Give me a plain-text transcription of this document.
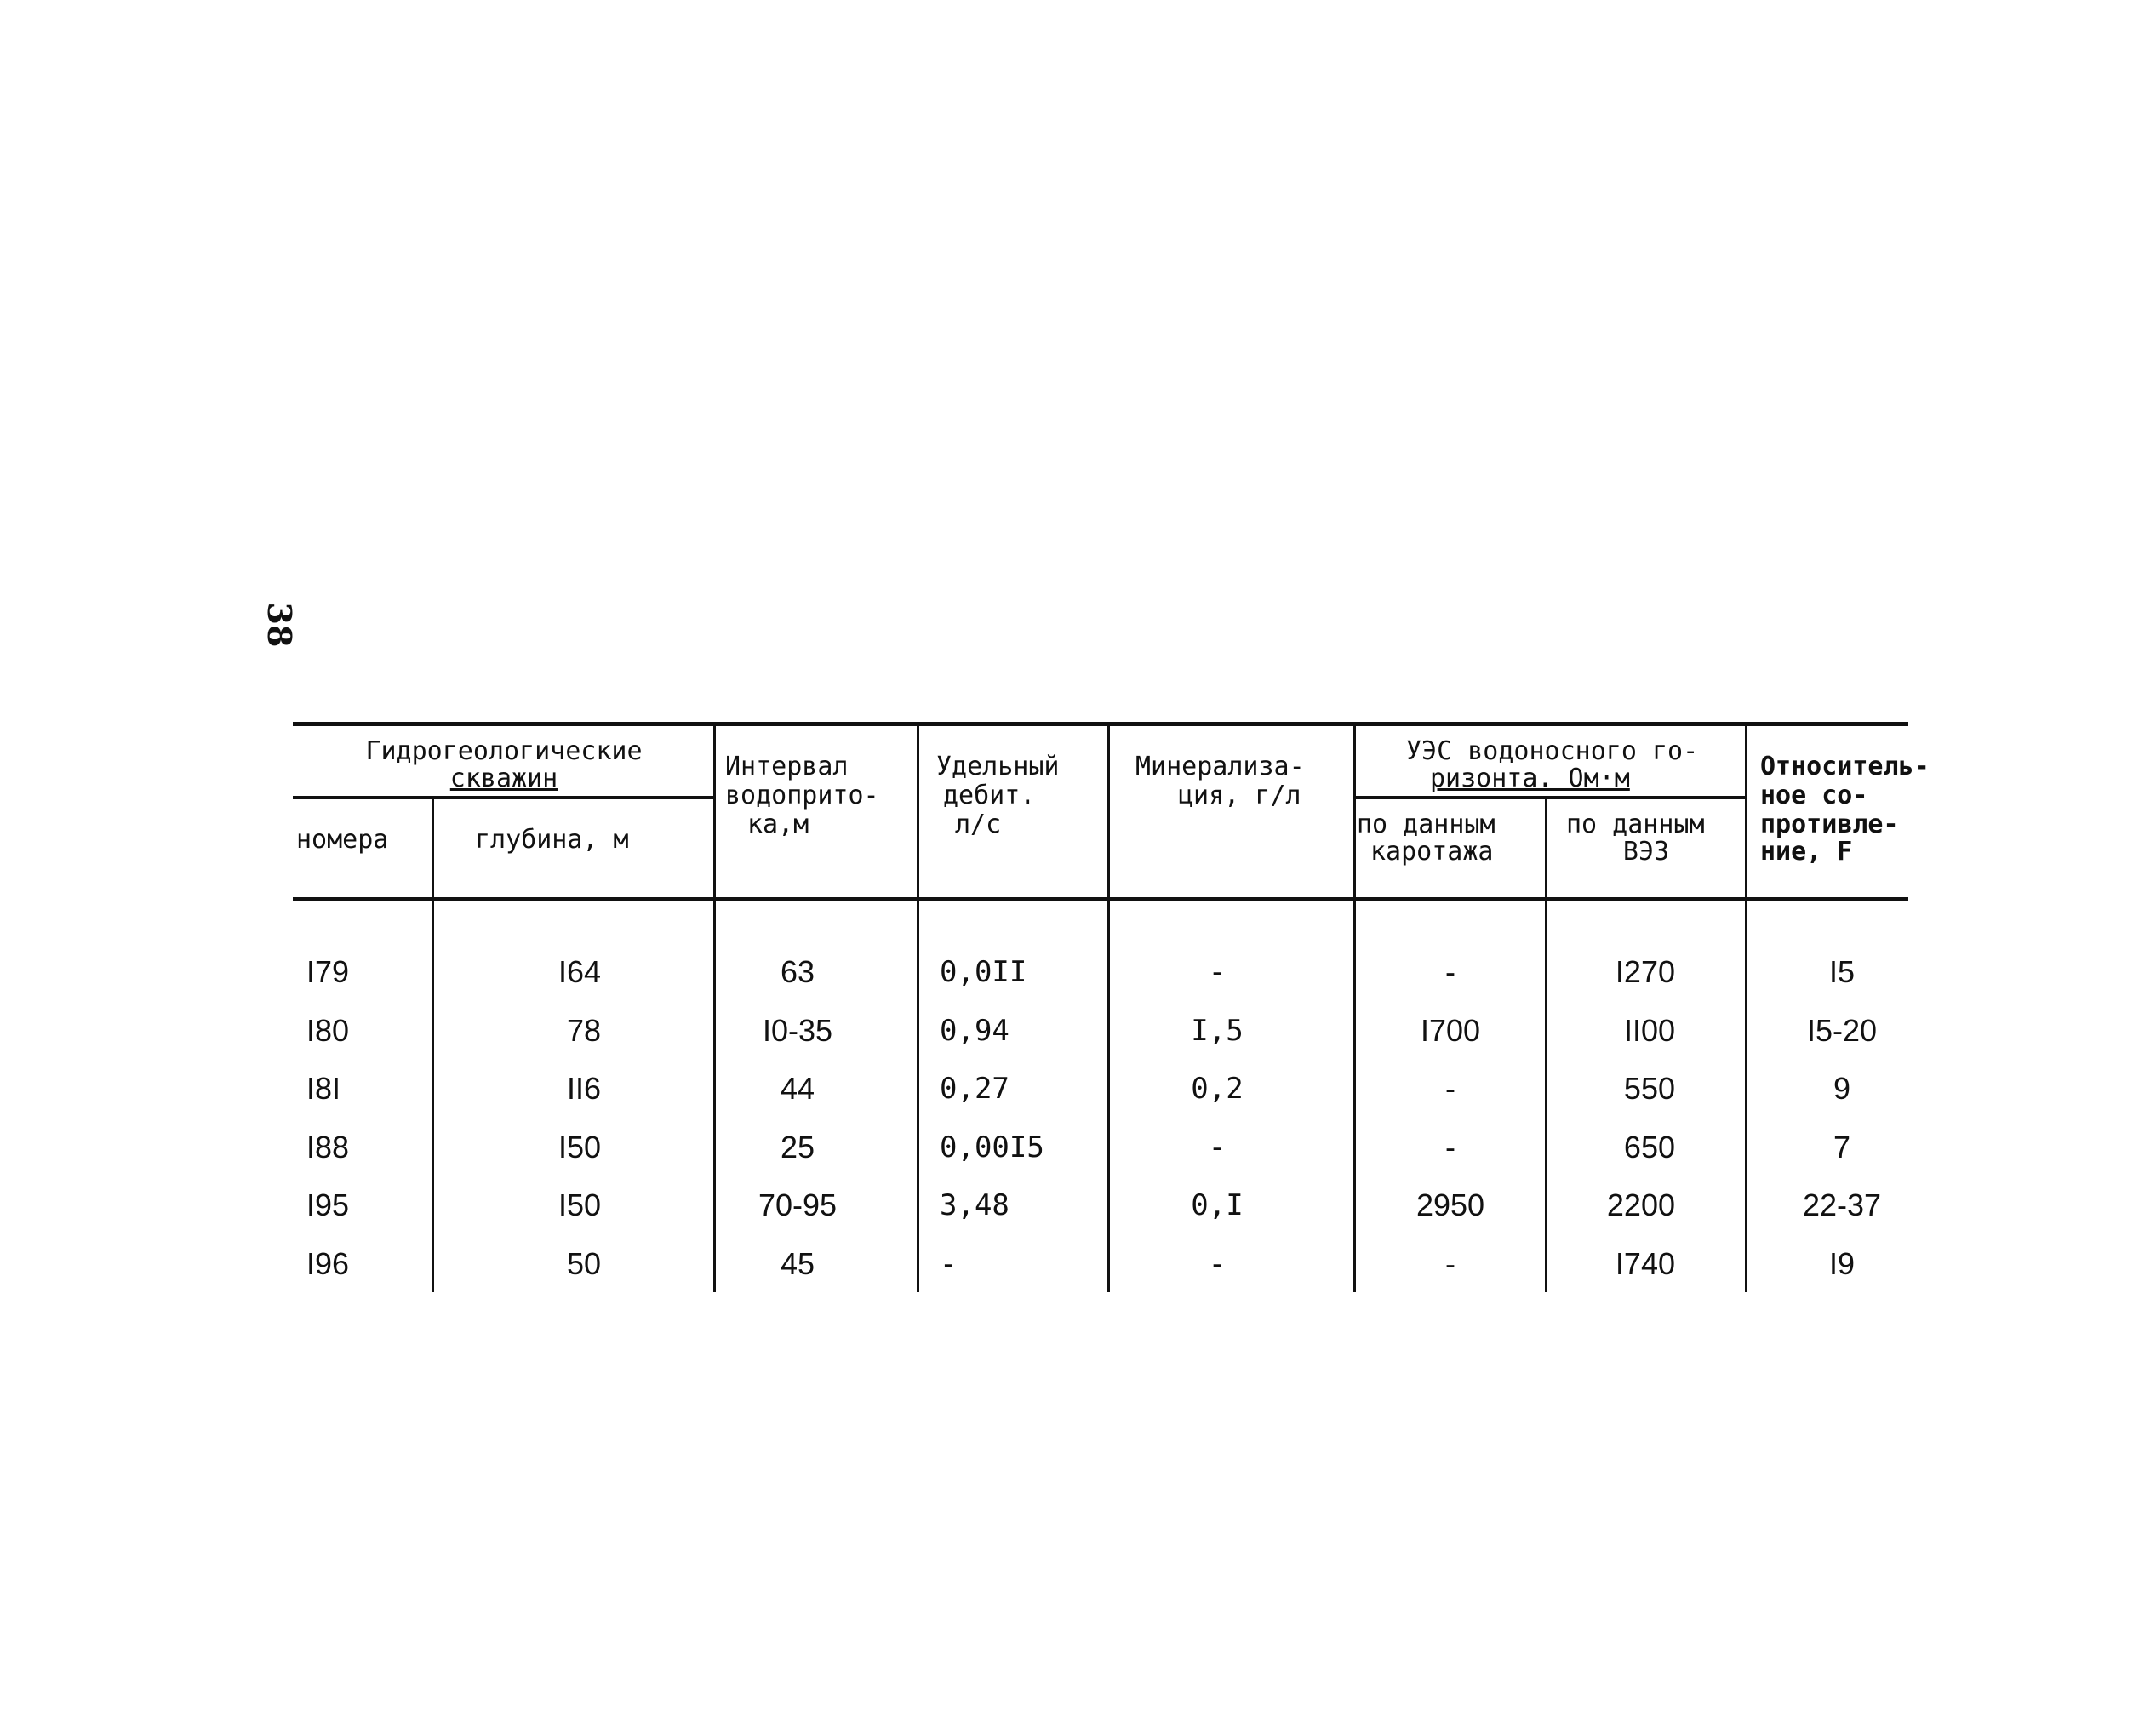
38
Гидрогеологические
скважин
номера	глубина, м
Интервал
водоприто-
ка,м
Удельный
дебит.
л/с
Минерализа-
ция, г/л
УЭС водоносного го-
ризонта. Ом·м
по данным
каротажа
по данным
ВЭЗ
Относитель-
ное со-
противле-
ние, F
I79	I64	63	0,0II	-	-	I270	I5
I80	78	I0-35	0,94	I,5	I700	II00	I5-20
I8I	II6	44	0,27	0,2	-	550	9
I88	I50	25	0,00I5	-	-	650	7
I95	I50	70-95	3,48	0,I	2950	2200	22-37
I96	50	45	-	-	-	I740	I9
